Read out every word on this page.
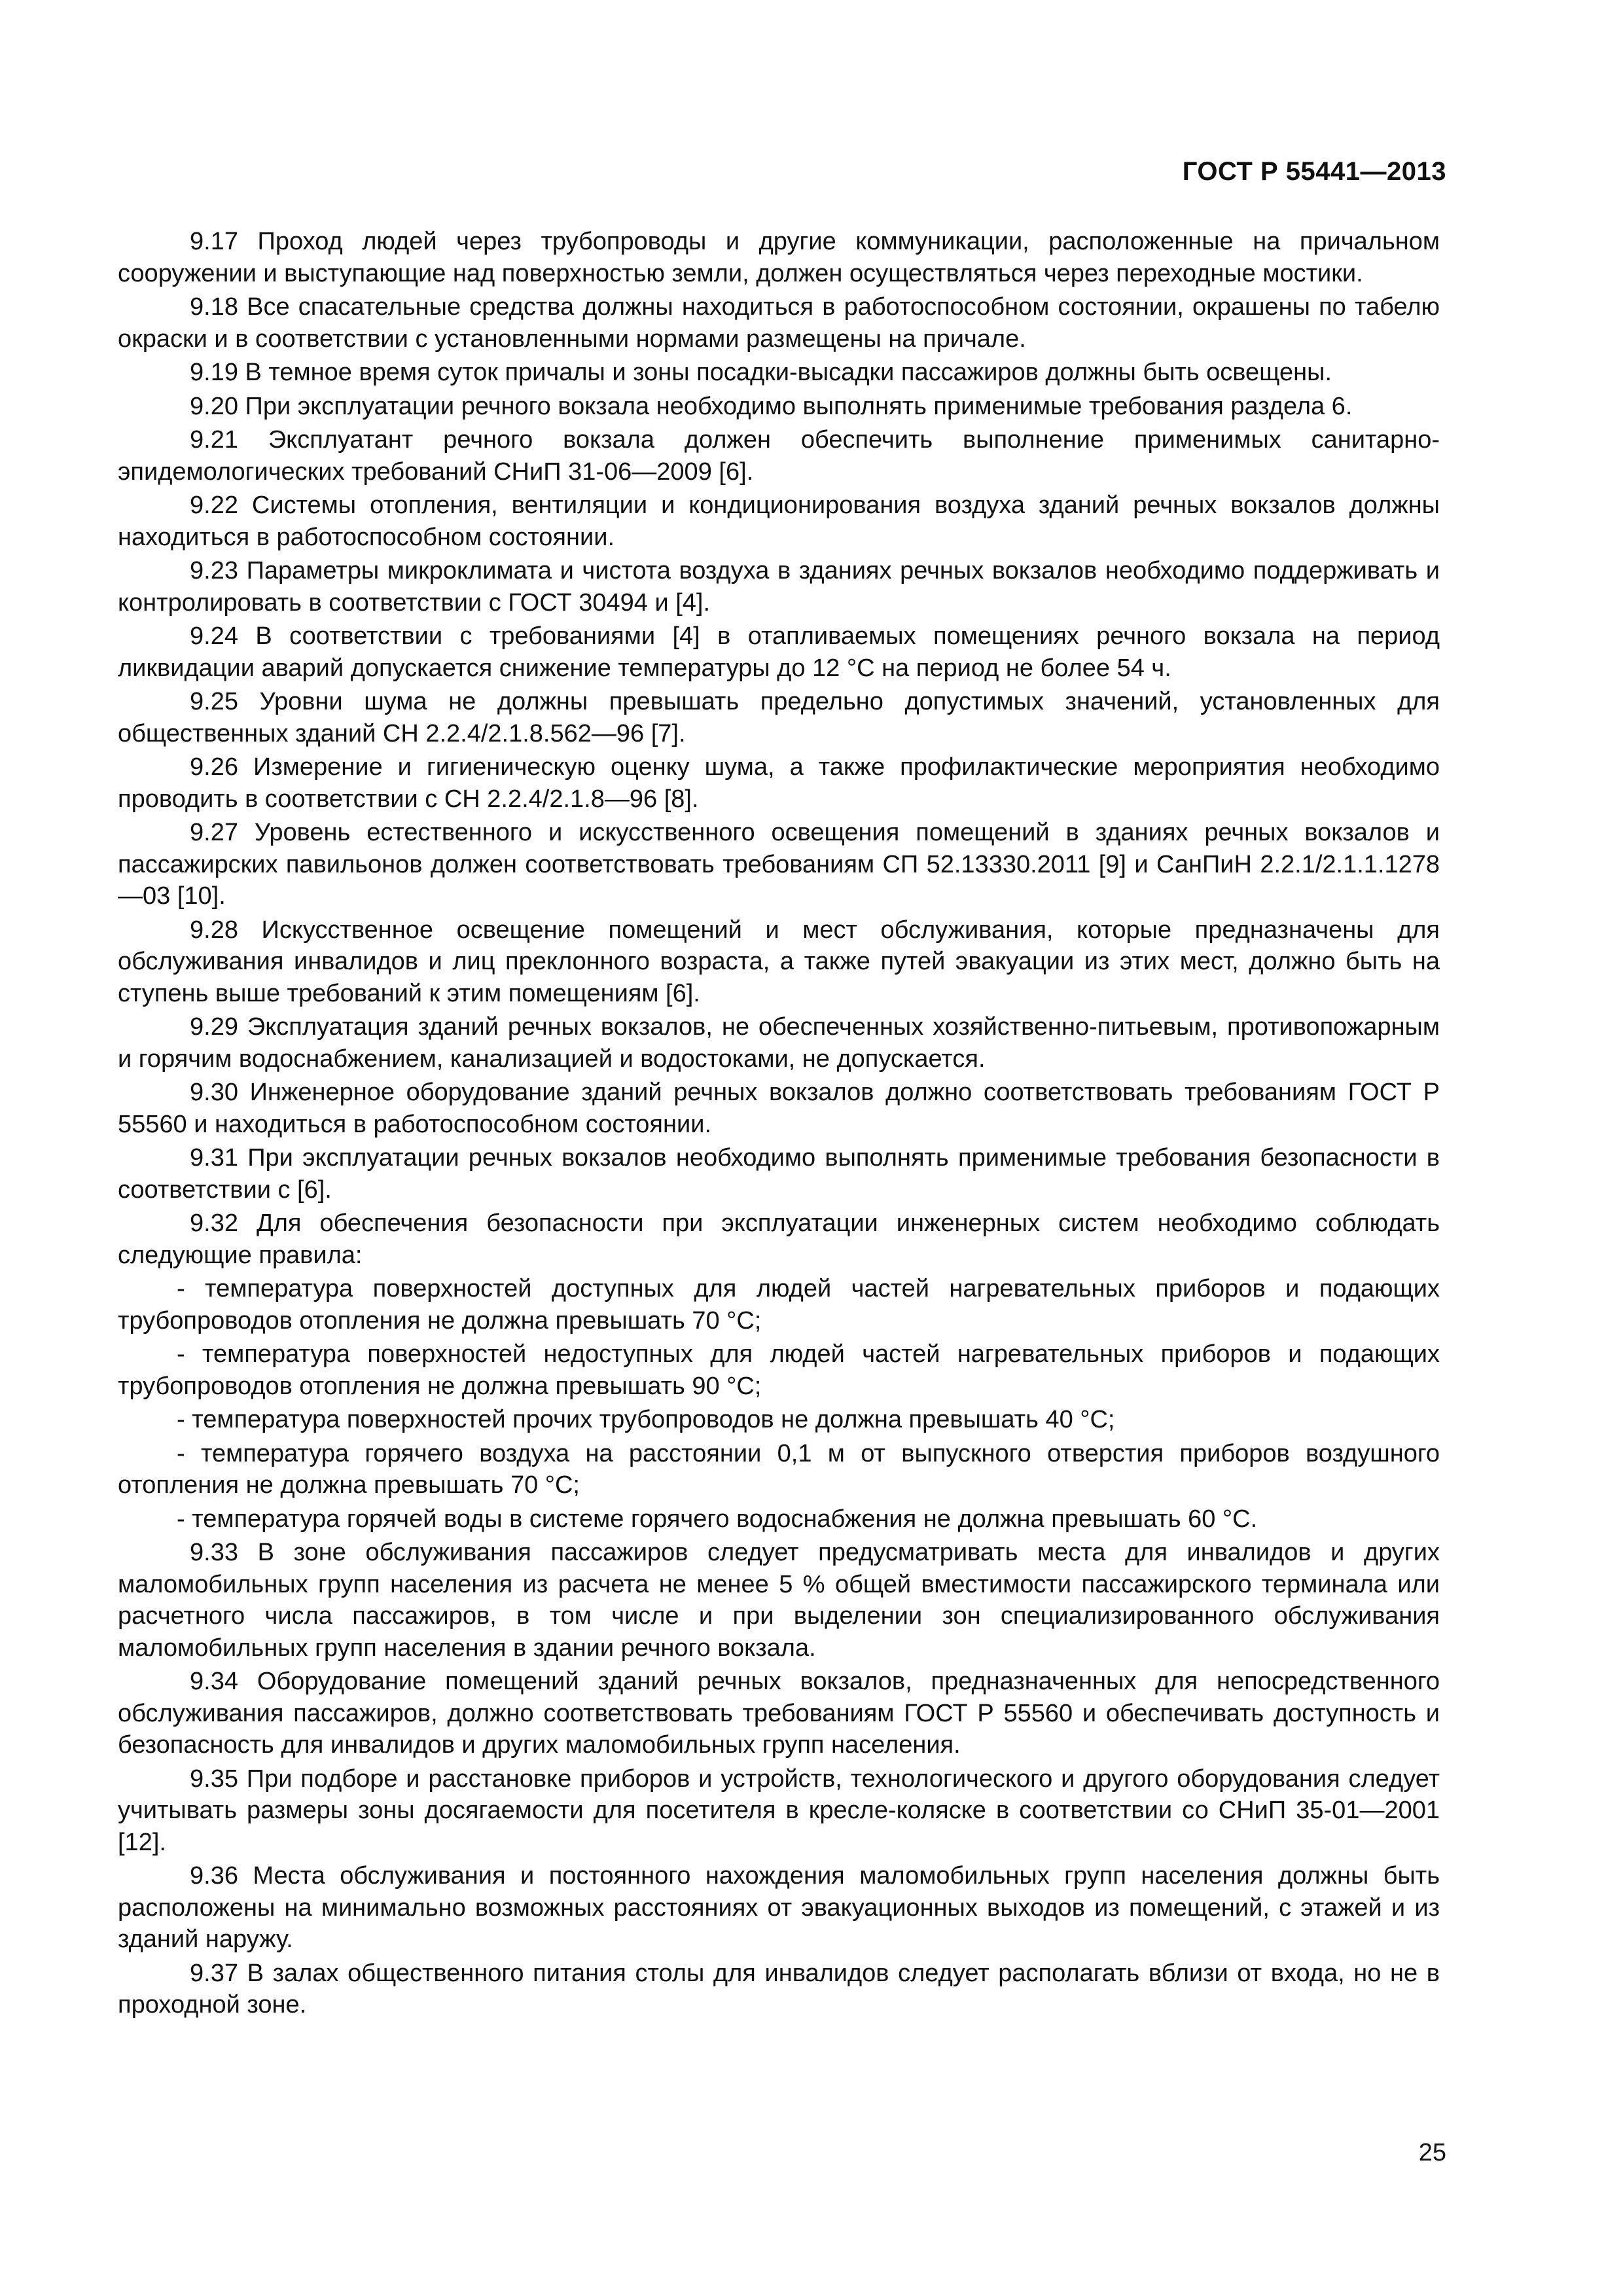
ГОСТ Р 55441—2013

9.17 Проход людей через трубопроводы и другие коммуникации, расположенные на причальном сооружении и выступающие над поверхностью земли, должен осуществляться через переходные мостики.

9.18 Все спасательные средства должны находиться в работоспособном состоянии, окрашены по табелю окраски и в соответствии с установленными нормами размещены на причале.

9.19 В темное время суток причалы и зоны посадки-высадки пассажиров должны быть освещены.

9.20 При эксплуатации речного вокзала необходимо выполнять применимые требования раздела 6.

9.21 Эксплуатант речного вокзала должен обеспечить выполнение применимых санитарно-эпидемологических требований СНиП 31-06—2009 [6].

9.22 Системы отопления, вентиляции и кондиционирования воздуха зданий речных вокзалов должны находиться в работоспособном состоянии.

9.23 Параметры микроклимата и чистота воздуха в зданиях речных вокзалов необходимо поддерживать и контролировать в соответствии с ГОСТ 30494 и [4].

9.24 В соответствии с требованиями [4] в отапливаемых помещениях речного вокзала на период ликвидации аварий допускается снижение температуры до 12 °С на период не более 54 ч.

9.25 Уровни шума не должны превышать предельно допустимых значений, установленных для общественных зданий СН 2.2.4/2.1.8.562—96 [7].

9.26 Измерение и гигиеническую оценку шума, а также профилактические мероприятия необходимо проводить в соответствии с СН 2.2.4/2.1.8—96 [8].

9.27 Уровень естественного и искусственного освещения помещений в зданиях речных вокзалов и пассажирских павильонов должен соответствовать требованиям СП 52.13330.2011 [9] и СанПиН 2.2.1/2.1.1.1278—03 [10].

9.28 Искусственное освещение помещений и мест обслуживания, которые предназначены для обслуживания инвалидов и лиц преклонного возраста, а также путей эвакуации из этих мест, должно быть на ступень выше требований к этим помещениям [6].

9.29 Эксплуатация зданий речных вокзалов, не обеспеченных хозяйственно-питьевым, противопожарным и горячим водоснабжением, канализацией и водостоками, не допускается.

9.30 Инженерное оборудование зданий речных вокзалов должно соответствовать требованиям ГОСТ Р 55560 и находиться в работоспособном состоянии.

9.31 При эксплуатации речных вокзалов необходимо выполнять применимые требования безопасности в соответствии с [6].

9.32 Для обеспечения безопасности при эксплуатации инженерных систем необходимо соблюдать следующие правила:

- температура поверхностей доступных для людей частей нагревательных приборов и подающих трубопроводов отопления не должна превышать 70 °С;

- температура поверхностей недоступных для людей частей нагревательных приборов и подающих трубопроводов отопления не должна превышать 90 °С;

- температура поверхностей прочих трубопроводов не должна превышать 40 °С;

- температура горячего воздуха на расстоянии 0,1 м от выпускного отверстия приборов воздушного отопления не должна превышать 70 °С;

- температура горячей воды в системе горячего водоснабжения не должна превышать 60 °С.

9.33 В зоне обслуживания пассажиров следует предусматривать места для инвалидов и других маломобильных групп населения из расчета не менее 5 % общей вместимости пассажирского терминала или расчетного числа пассажиров, в том числе и при выделении зон специализированного обслуживания маломобильных групп населения в здании речного вокзала.

9.34 Оборудование помещений зданий речных вокзалов, предназначенных для непосредственного обслуживания пассажиров, должно соответствовать требованиям ГОСТ Р 55560 и обеспечивать доступность и безопасность для инвалидов и других маломобильных групп населения.

9.35 При подборе и расстановке приборов и устройств, технологического и другого оборудования следует учитывать размеры зоны досягаемости для посетителя в кресле-коляске в соответствии со СНиП 35-01—2001 [12].

9.36 Места обслуживания и постоянного нахождения маломобильных групп населения должны быть расположены на минимально возможных расстояниях от эвакуационных выходов из помещений, с этажей и из зданий наружу.

9.37 В залах общественного питания столы для инвалидов следует располагать вблизи от входа, но не в проходной зоне.

25
